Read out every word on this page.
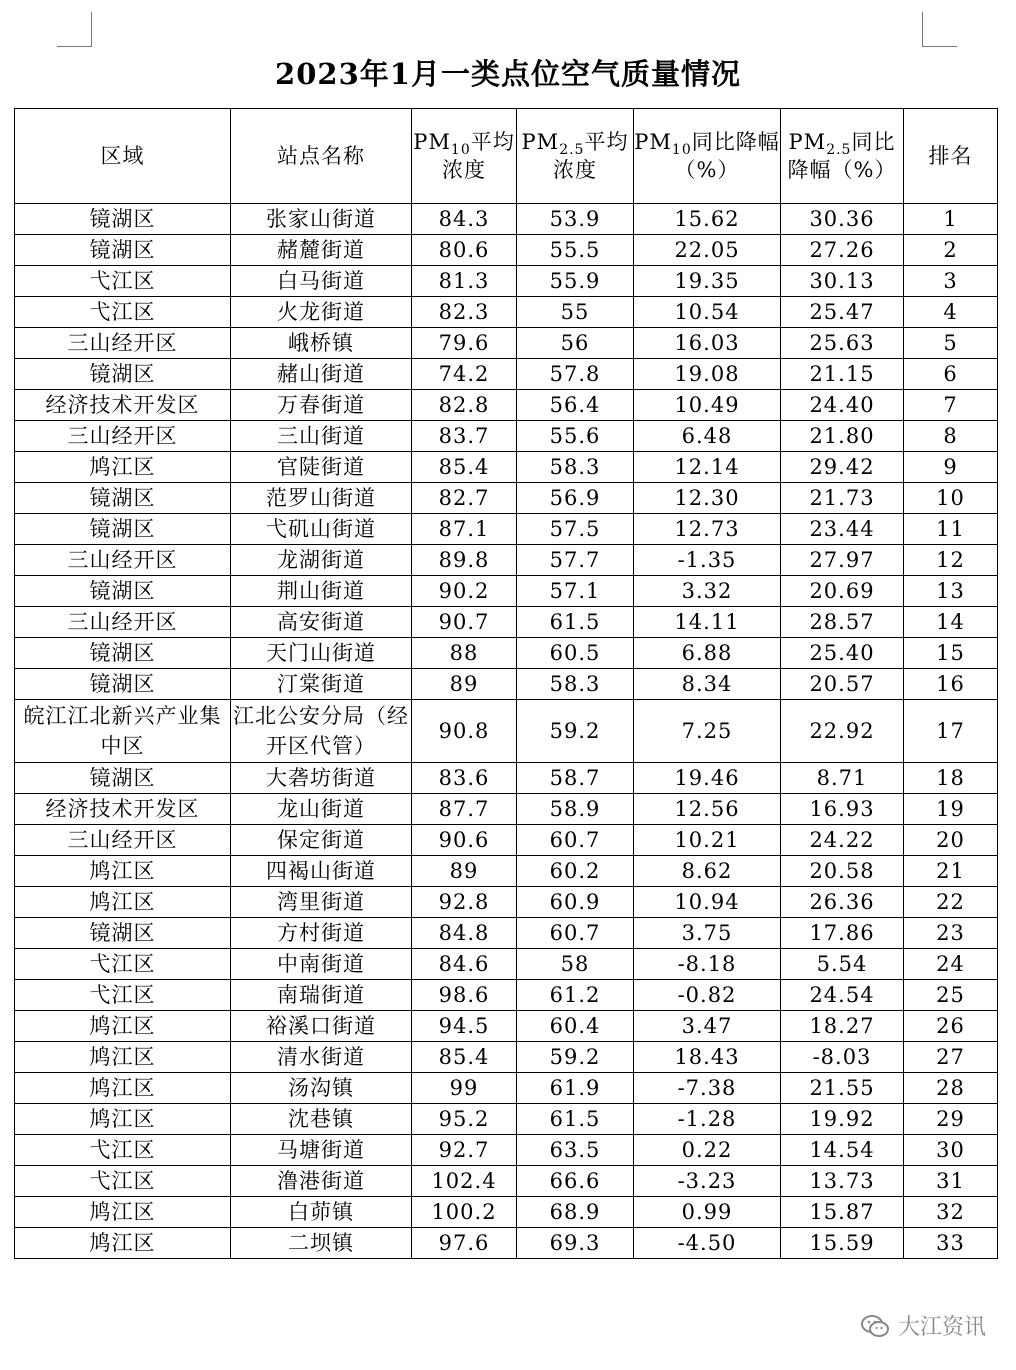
2023年1月一类点位空气质量情况
区域	站点名称	$PM_{10}$平均浓度	$PM_{2.5}$平均浓度	$PM_{10}$同比降幅（%）	$PM_{2.5}$同比降幅（%）	排名
镜湖区	张家山街道	84.3	53.9	15.62	30.36	1
镜湖区	赭麓街道	80.6	55.5	22.05	27.26	2
弋江区	白马街道	81.3	55.9	19.35	30.13	3
弋江区	火龙街道	82.3	55	10.54	25.47	4
三山经开区	峨桥镇	79.6	56	16.03	25.63	5
镜湖区	赭山街道	74.2	57.8	19.08	21.15	6
经济技术开发区	万春街道	82.8	56.4	10.49	24.40	7
三山经开区	三山街道	83.7	55.6	6.48	21.80	8
鸠江区	官陡街道	85.4	58.3	12.14	29.42	9
镜湖区	范罗山街道	82.7	56.9	12.30	21.73	10
镜湖区	弋矶山街道	87.1	57.5	12.73	23.44	11
三山经开区	龙湖街道	89.8	57.7	-1.35	27.97	12
镜湖区	荆山街道	90.2	57.1	3.32	20.69	13
三山经开区	高安街道	90.7	61.5	14.11	28.57	14
镜湖区	天门山街道	88	60.5	6.88	25.40	15
镜湖区	汀棠街道	89	58.3	8.34	20.57	16
皖江江北新兴产业集中区	江北公安分局（经开区代管）	90.8	59.2	7.25	22.92	17
镜湖区	大砻坊街道	83.6	58.7	19.46	8.71	18
经济技术开发区	龙山街道	87.7	58.9	12.56	16.93	19
三山经开区	保定街道	90.6	60.7	10.21	24.22	20
鸠江区	四褐山街道	89	60.2	8.62	20.58	21
鸠江区	湾里街道	92.8	60.9	10.94	26.36	22
镜湖区	方村街道	84.8	60.7	3.75	17.86	23
弋江区	中南街道	84.6	58	-8.18	5.54	24
弋江区	南瑞街道	98.6	61.2	-0.82	24.54	25
鸠江区	裕溪口街道	94.5	60.4	3.47	18.27	26
鸠江区	清水街道	85.4	59.2	18.43	-8.03	27
鸠江区	汤沟镇	99	61.9	-7.38	21.55	28
鸠江区	沈巷镇	95.2	61.5	-1.28	19.92	29
弋江区	马塘街道	92.7	63.5	0.22	14.54	30
弋江区	澛港街道	102.4	66.6	-3.23	13.73	31
鸠江区	白茆镇	100.2	68.9	0.99	15.87	32
鸠江区	二坝镇	97.6	69.3	-4.50	15.59	33
大江资讯
